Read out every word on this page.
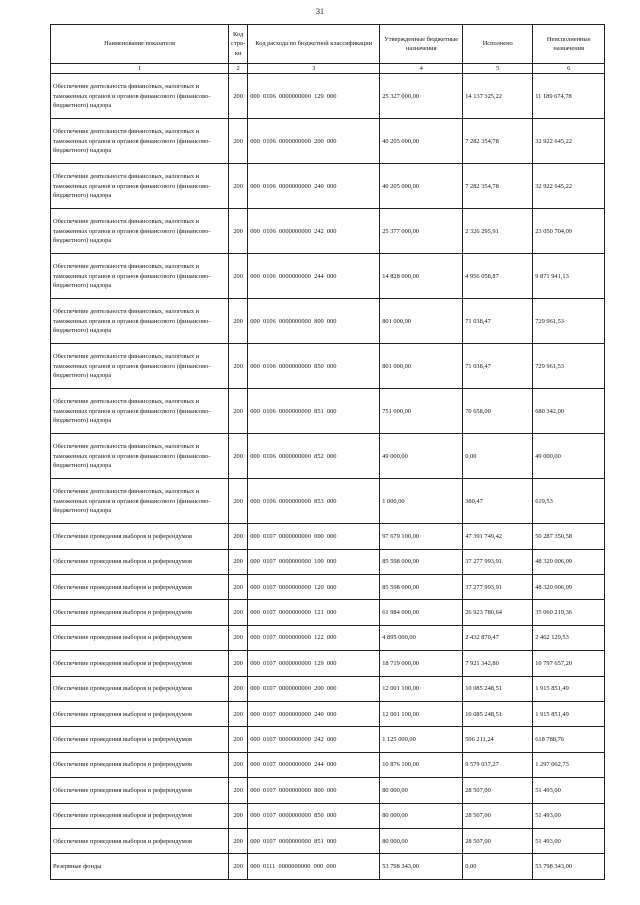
31
Наименование показателя	Код стро-ки	Код расхода по бюджетной классификации	Утвержденные бюджетные назначения	Исполнено	Неисполненные назначения
1	2	3	4	5	6
Обеспечение деятельности финансовых, налоговых и таможенных органов и органов финансового (финансово-бюджетного) надзора	200	000  0106  0000000000  129  000	25 327 000,00	14 137 325,22	11 189 674,78
Обеспечение деятельности финансовых, налоговых и таможенных органов и органов финансового (финансово-бюджетного) надзора	200	000  0106  0000000000  200  000	40 205 000,00	7 282 354,78	32 922 645,22
Обеспечение деятельности финансовых, налоговых и таможенных органов и органов финансового (финансово-бюджетного) надзора	200	000  0106  0000000000  240  000	40 205 000,00	7 282 354,78	32 922 645,22
Обеспечение деятельности финансовых, налоговых и таможенных органов и органов финансового (финансово-бюджетного) надзора	200	000  0106  0000000000  242  000	25 377 000,00	2 326 295,91	23 050 704,09
Обеспечение деятельности финансовых, налоговых и таможенных органов и органов финансового (финансово-бюджетного) надзора	200	000  0106  0000000000  244  000	14 828 000,00	4 956 058,87	9 871 941,13
Обеспечение деятельности финансовых, налоговых и таможенных органов и органов финансового (финансово-бюджетного) надзора	200	000  0106  0000000000  800  000	801 000,00	71 038,47	729 961,53
Обеспечение деятельности финансовых, налоговых и таможенных органов и органов финансового (финансово-бюджетного) надзора	200	000  0106  0000000000  850  000	801 000,00	71 038,47	729 961,53
Обеспечение деятельности финансовых, налоговых и таможенных органов и органов финансового (финансово-бюджетного) надзора	200	000  0106  0000000000  851  000	751 000,00	70 658,00	680 342,00
Обеспечение деятельности финансовых, налоговых и таможенных органов и органов финансового (финансово-бюджетного) надзора	200	000  0106  0000000000  852  000	49 000,00	0,00	49 000,00
Обеспечение деятельности финансовых, налоговых и таможенных органов и органов финансового (финансово-бюджетного) надзора	200	000  0106  0000000000  853  000	1 000,00	380,47	619,53
Обеспечение проведения выборов и референдумов	200	000  0107  0000000000  000  000	97 679 100,00	47 391 749,42	50 287 350,58
Обеспечение проведения выборов и референдумов	200	000  0107  0000000000  100  000	85 598 000,00	37 277 993,91	48 320 006,09
Обеспечение проведения выборов и референдумов	200	000  0107  0000000000  120  000	85 598 000,00	37 277 993,91	48 320 006,09
Обеспечение проведения выборов и референдумов	200	000  0107  0000000000  121  000	61 984 000,00	26 923 780,64	35 060 219,36
Обеспечение проведения выборов и референдумов	200	000  0107  0000000000  122  000	4 895 000,00	2 432 870,47	2 462 129,53
Обеспечение проведения выборов и референдумов	200	000  0107  0000000000  129  000	18 719 000,00	7 921 342,80	10 797 657,20
Обеспечение проведения выборов и референдумов	200	000  0107  0000000000  200  000	12 001 100,00	10 085 248,51	1 915 851,49
Обеспечение проведения выборов и референдумов	200	000  0107  0000000000  240  000	12 001 100,00	10 085 248,51	1 915 851,49
Обеспечение проведения выборов и референдумов	200	000  0107  0000000000  242  000	1 125 000,00	506 211,24	618 788,76
Обеспечение проведения выборов и референдумов	200	000  0107  0000000000  244  000	10 876 100,00	9 579 037,27	1 297 062,73
Обеспечение проведения выборов и референдумов	200	000  0107  0000000000  800  000	80 000,00	28 507,00	51 493,00
Обеспечение проведения выборов и референдумов	200	000  0107  0000000000  850  000	80 000,00	28 507,00	51 493,00
Обеспечение проведения выборов и референдумов	200	000  0107  0000000000  851  000	80 000,00	28 507,00	51 493,00
Резервные фонды	200	000  0111  0000000000  000  000	53 798 343,00	0,00	53 798 343,00
